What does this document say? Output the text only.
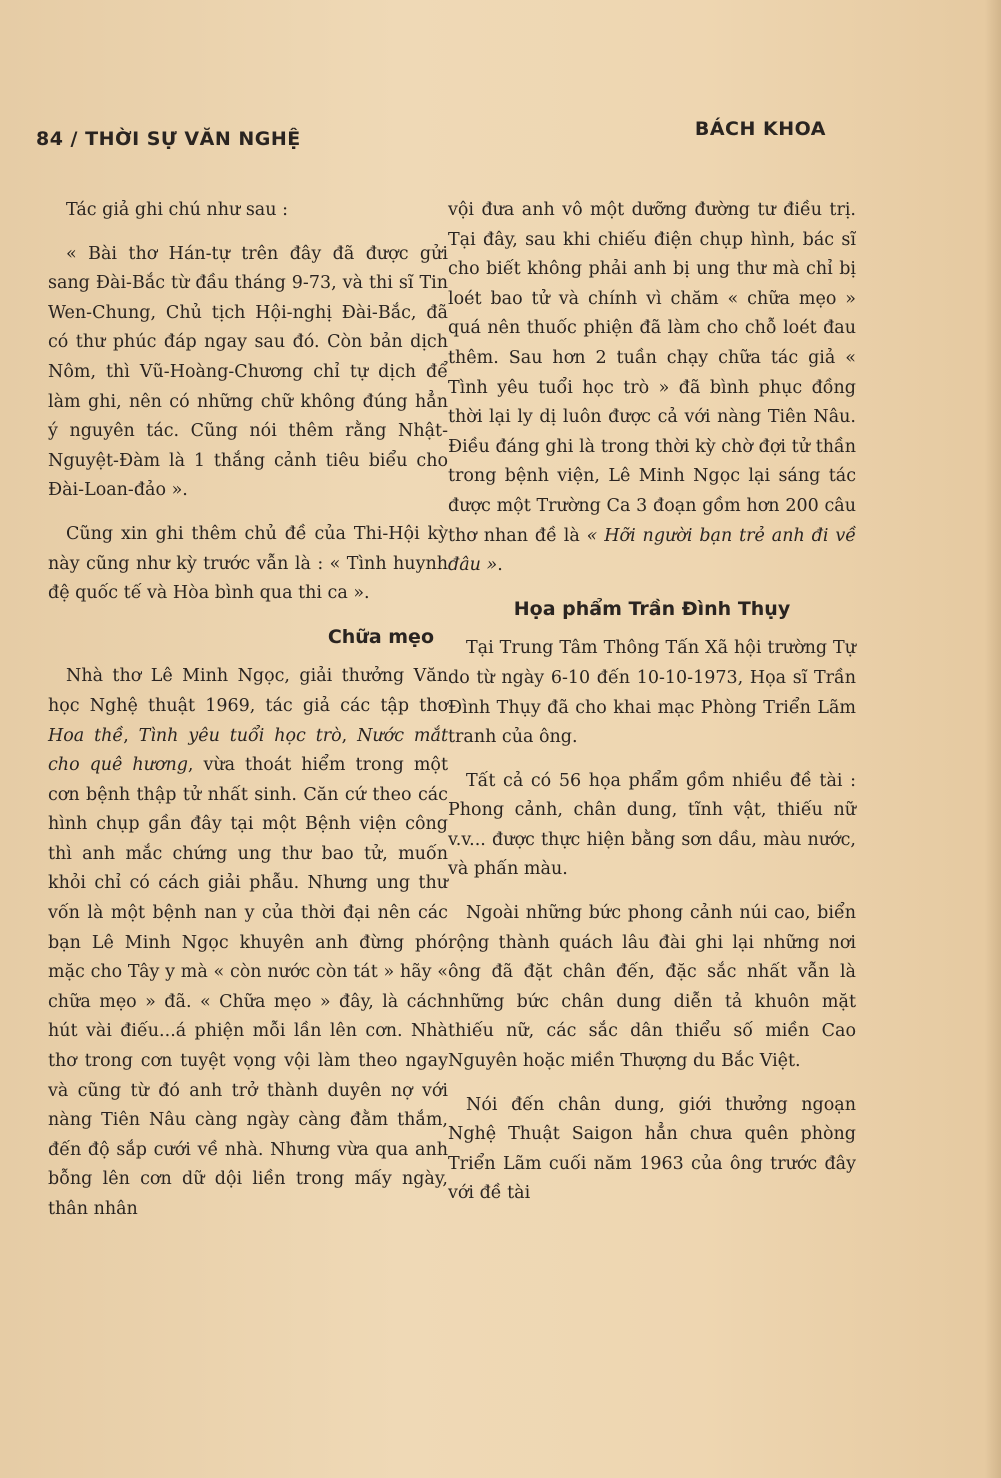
84 / THỜI SỰ VĂN NGHỆ	BÁCH KHOA

Tác giả ghi chú như sau :

« Bài thơ Hán-tự trên đây đã được gửi sang Đài-Bắc từ đầu tháng 9-73, và thi sĩ Tin Wen-Chung, Chủ tịch Hội-nghị Đài-Bắc, đã có thư phúc đáp ngay sau đó. Còn bản dịch Nôm, thì Vũ-Hoàng-Chương chỉ tự dịch để làm ghi, nên có những chữ không đúng hẳn ý nguyên tác. Cũng nói thêm rằng Nhật-Nguyệt-Đàm là 1 thắng cảnh tiêu biểu cho Đài-Loan-đảo ».

Cũng xin ghi thêm chủ đề của Thi-Hội kỳ này cũng như kỳ trước vẫn là : « Tình huynh đệ quốc tế và Hòa bình qua thi ca ».

Chữa mẹo

Nhà thơ Lê Minh Ngọc, giải thưởng Văn học Nghệ thuật 1969, tác giả các tập thơ Hoa thề, Tình yêu tuổi học trò, Nước mắt cho quê hương, vừa thoát hiểm trong một cơn bệnh thập tử nhất sinh. Căn cứ theo các hình chụp gần đây tại một Bệnh viện công thì anh mắc chứng ung thư bao tử, muốn khỏi chỉ có cách giải phẫu. Nhưng ung thư vốn là một bệnh nan y của thời đại nên các bạn Lê Minh Ngọc khuyên anh đừng phó mặc cho Tây y mà « còn nước còn tát » hãy « chữa mẹo » đã. « Chữa mẹo » đây, là cách hút vài điếu...á phiện mỗi lần lên cơn. Nhà thơ trong cơn tuyệt vọng vội làm theo ngay và cũng từ đó anh trở thành duyên nợ với nàng Tiên Nâu càng ngày càng đằm thắm, đến độ sắp cưới về nhà. Nhưng vừa qua anh bỗng lên cơn dữ dội liền trong mấy ngày, thân nhân

vội đưa anh vô một dưỡng đường tư điều trị. Tại đây, sau khi chiếu điện chụp hình, bác sĩ cho biết không phải anh bị ung thư mà chỉ bị loét bao tử và chính vì chăm « chữa mẹo » quá nên thuốc phiện đã làm cho chỗ loét đau thêm. Sau hơn 2 tuần chạy chữa tác giả « Tình yêu tuổi học trò » đã bình phục đồng thời lại ly dị luôn được cả với nàng Tiên Nâu. Điều đáng ghi là trong thời kỳ chờ đợi tử thần trong bệnh viện, Lê Minh Ngọc lại sáng tác được một Trường Ca 3 đoạn gồm hơn 200 câu thơ nhan đề là « Hỡi người bạn trẻ anh đi về đâu ».

Họa phẩm Trần Đình Thụy

Tại Trung Tâm Thông Tấn Xã hội trường Tự do từ ngày 6-10 đến 10-10-1973, Họa sĩ Trần Đình Thụy đã cho khai mạc Phòng Triển Lãm tranh của ông.

Tất cả có 56 họa phẩm gồm nhiều đề tài : Phong cảnh, chân dung, tĩnh vật, thiếu nữ v.v... được thực hiện bằng sơn dầu, màu nước, và phấn màu.

Ngoài những bức phong cảnh núi cao, biển rộng thành quách lâu đài ghi lại những nơi ông đã đặt chân đến, đặc sắc nhất vẫn là những bức chân dung diễn tả khuôn mặt thiếu nữ, các sắc dân thiểu số miền Cao Nguyên hoặc miền Thượng du Bắc Việt.

Nói đến chân dung, giới thưởng ngoạn Nghệ Thuật Saigon hẳn chưa quên phòng Triển Lãm cuối năm 1963 của ông trước đây với đề tài
